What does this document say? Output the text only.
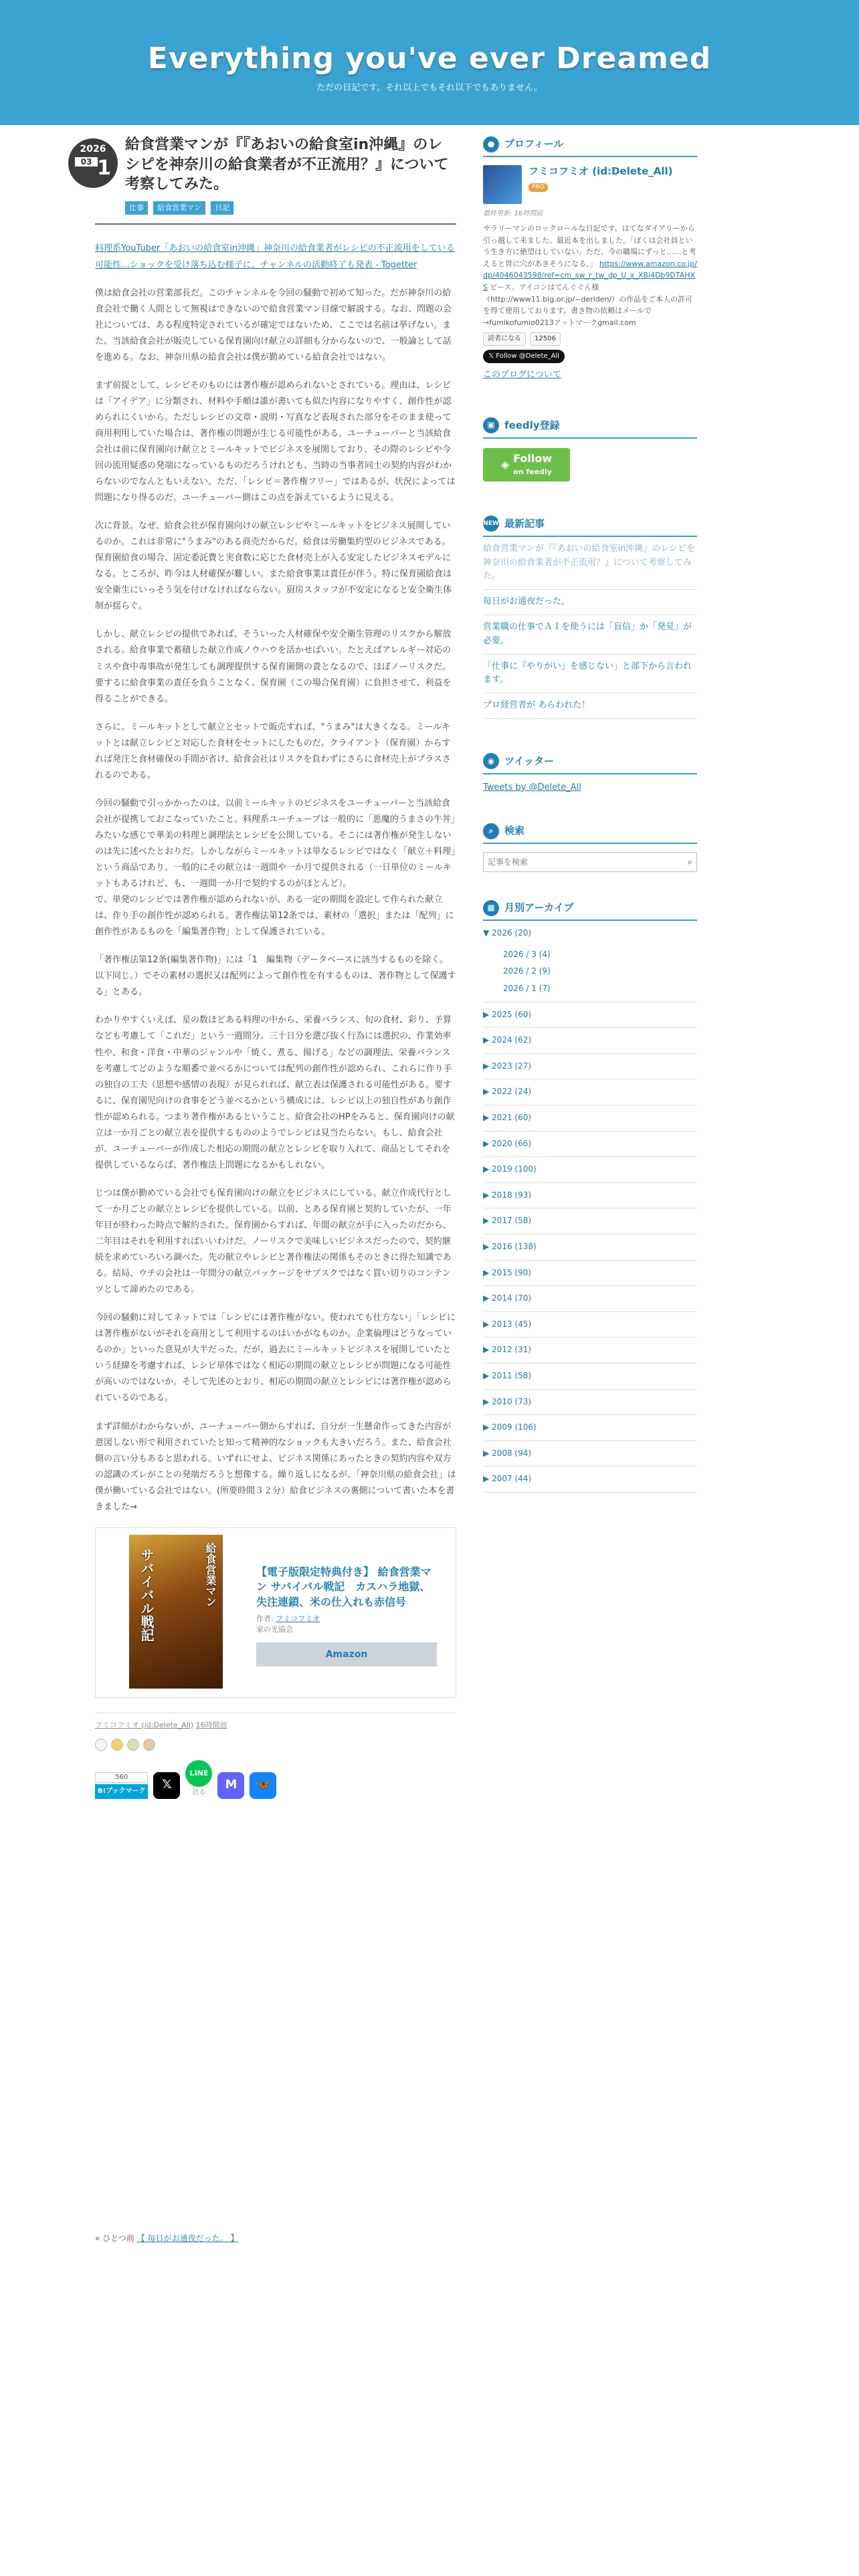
Everything you've ever Dreamed
ただの日記です。それ以上でもそれ以下でもありません。
2026
03 1
給食営業マンが『『あおいの給食室in沖縄』のレシピを神奈川の給食業者が不正流用？』について考察してみた。
仕事 給食営業マン 日記
料理系YouTuber「あおいの給食室in沖縄」神奈川の給食業者がレシピの不正流用をしている可能性…ショックを受け落ち込む様子に、チャンネルの活動終了も発表 - Togetter
僕は給食会社の営業部長だ。このチャンネルを今回の騒動で初めて知った。だが神奈川の給食会社で働く人間として無視はできないので給食営業マン目線で解説する。なお、問題の会社については、ある程度特定されているが確定ではないため、ここでは名前は挙げない。また、当該給食会社が販売している保育園向け献立の詳細も分からないので、一般論として話を進める。なお、神奈川県の給食会社は僕が勤めている給食会社ではない。
まず前提として、レシピそのものには著作権が認められないとされている。理由は、レシピは「アイデア」に分類され、材料や手順は誰が書いても似た内容になりやすく、創作性が認められにくいから。ただしレシピの文章・説明・写真など表現された部分をそのまま使って商用利用していた場合は、著作権の問題が生じる可能性がある。ユーチューバーと当該給食会社は前に保育園向け献立とミールキットでビジネスを展開しており、その際のレシピや今回の流用疑惑の発端になっているものだろうけれども、当時の当事者同士の契約内容がわからないのでなんともいえない。ただ、「レシピ＝著作権フリー」ではあるが、状況によっては問題になり得るのだ。ユーチューバー側はこの点を訴えているように見える。
次に背景。なぜ、給食会社が保育園向けの献立レシピやミールキットをビジネス展開しているのか。これは非常に"うまみ"のある商売だからだ。給食は労働集約型のビジネスである。保育園給食の場合、固定委託費と実食数に応じた食材売上が入る安定したビジネスモデルになる。ところが、昨今は人材確保が難しい。また給食事業は責任が伴う。特に保育園給食は安全衛生にいっそう気を付けなければならない。厨房スタッフが不安定になると安全衛生体制が揺らぐ。
しかし、献立レシピの提供であれば、そういった人材確保や安全衛生管理のリスクから解放される。給食事業で蓄積した献立作成ノウハウを活かせばいい。たとえばアレルギー対応のミスや食中毒事故が発生しても調理提供する保育園側の責となるので、ほぼノーリスクだ。要するに給食事業の責任を負うことなく、保育園（この場合保育園）に負担させて、利益を得ることができる。
さらに、ミールキットとして献立とセットで販売すれば、"うまみ"は大きくなる。ミールキットとは献立レシピと対応した食材をセットにしたものだ。クライアント（保育園）からすれば発注と食材確保の手間が省け、給食会社はリスクを負わずにさらに食材売上がプラスされるのである。
今回の騒動で引っかかったのは、以前ミールキットのビジネスをユーチューバーと当該給食会社が提携しておこなっていたこと。料理系ユーチューブは一般的に「悪魔的うまさの牛丼」みたいな感じで華美の料理と調理法とレシピを公開している。そこには著作権が発生しないのは先に述べたとおりだ。しかしながらミールキットは単なるレシピではなく「献立＋料理」という商品であり、一般的にその献立は一週間や一か月で提供される（一日単位のミールキットもあるけれど、も、一週間一か月で契約するのがほとんど）。
で、単発のレシピでは著作権が認められないが、ある一定の期間を設定して作られた献立は、作り手の創作性が認められる。著作権法第12条では、素材の「選択」または「配列」に創作性があるものを「編集著作物」として保護されている。
「著作権法第12条(編集著作物)」には「1　編集物（データベースに該当するものを除く。以下同じ。）でその素材の選択又は配列によって創作性を有するものは、著作物として保護する」とある。
わかりやすくいえば、星の数ほどある料理の中から、栄養バランス、旬の食材、彩り、予算なども考慮して「これだ」という一週間分、三十日分を選び抜く行為には選択の、作業効率性や、和食・洋食・中華のジャンルや「焼く、煮る、揚げる」などの調理法、栄養バランスを考慮してどのような順番で並べるかについては配列の創作性が認められ、これらに作り手の独自の工夫（思想や感情の表現）が見られれば、献立表は保護される可能性がある。要するに、保育園児向けの食事をどう並べるかという構成には、レシピ以上の独自性があり創作性が認められる。つまり著作権があるということ。給食会社のHPをみると、保育園向けの献立は一か月ごとの献立表を提供するもののようでレシピは見当たらない。もし、給食会社が、ユーチューバーが作成した相応の期間の献立とレシピを取り入れて、商品としてそれを提供しているならば、著作権法上問題になるかもしれない。
じつは僕が勤めている会社でも保育園向けの献立をビジネスにしている。献立作成代行として一か月ごとの献立とレシピを提供している。以前、とある保育園と契約していたが、一年年目が終わった時点で解約された。保育園からすれば、年間の献立が手に入ったのだから、二年目はそれを利用すればいいわけだ。ノーリスクで美味しいビジネスだったので、契約継続を求めていろいろ調べた。先の献立やレシピと著作権法の関係もそのときに得た知識である。結局、ウチの会社は一年間分の献立パッケージをサブスクではなく買い切りのコンテンツとして諦めたのである。
今回の騒動に対してネットでは「レシピには著作権がない。使われても仕方ない」「レシピには著作権がないがそれを商用として利用するのはいかがなものか。企業倫理はどうなっているのか」といった意見が大半だった。だが、過去にミールキットビジネスを展開していたという経緯を考慮すれば、レシピ単体ではなく相応の期間の献立とレシピが問題になる可能性が高いのではないか。そして先述のとおり、相応の期間の献立とレシピには著作権が認められているのである。
まず詳細がわからないが、ユーチューバー側からすれば、自分が一生懸命作ってきた内容が意図しない形で利用されていたと知って精神的なショックも大きいだろう。また、給食会社側の言い分もあると思われる。いずれにせよ、ビジネス関係にあったときの契約内容や双方の認識のズレがことの発端だろうと想像する。繰り返しになるが、「神奈川県の給食会社」は僕が働いている会社ではない。(所要時間３２分）給食ビジネスの裏側について書いた本を書きました→
給食営業マン
サバイバル戦記	【電子版限定特典付き】 給食営業マン サバイバル戦記　カスハラ地獄、失注連鎖、米の仕入れも赤信号
作者: フミコフミオ
家の光協会
Amazon
フミコフミオ (id:Delete_All) 16時間前
560
B!ブックマーク	𝕏
LINE
送る
M	🦋
« ひとつ前 【 毎日がお通夜だった。 】
● プロフィール
フミコフミオ (id:Delete_All)
PRO
最終更新: 16時間前
サラリーマンのロックロールな日記です。はてなダイアリーから引っ越して来ました。最近本を出しました。「ぼくは会社員という生き方に絶望はしていない。ただ、今の職場にずっと……と考えると胃に穴があきそうになる。」 https://www.amazon.co.jp/dp/4046043598/ref=cm_sw_r_tw_dp_U_x_XBi4Db9DTAHXS ピース。アイコンはてんぐぐん様（http://www11.big.or.jp/~deriden/）の作品をご本人の許可を得て使用しております。書き物の依頼はメールで→fumikofumio0213アットマークgmail.com
読者になる	12506
𝕏 Follow @Delete_All
このブログについて
▣ feedly登録
◈ Follow
on feedly
NEW 最新記事
給食営業マンが『『あおいの給食室in沖縄』のレシピを神奈川の給食業者が不正流用？』について考察してみた。
毎日がお通夜だった。
営業職の仕事でＡＩを使うには「盲信」か「発見」が必要。
「仕事に『やりがい』を感じない」と部下から言われます。
プロ経営者が あらわれた！
◉ ツイッター
Tweets by @Delete_All
⌕	検索
記事を検索
⌕
▦ 月別アーカイブ
▼ 2026 (20)
2026 / 3 (4)
2026 / 2 (9)
2026 / 1 (7)
▶ 2025 (60)
▶ 2024 (62)
▶ 2023 (27)
▶ 2022 (24)
▶ 2021 (60)
▶ 2020 (66)
▶ 2019 (100)
▶ 2018 (93)
▶ 2017 (58)
▶ 2016 (138)
▶ 2015 (90)
▶ 2014 (70)
▶ 2013 (45)
▶ 2012 (31)
▶ 2011 (58)
▶ 2010 (73)
▶ 2009 (106)
▶ 2008 (94)
▶ 2007 (44)
